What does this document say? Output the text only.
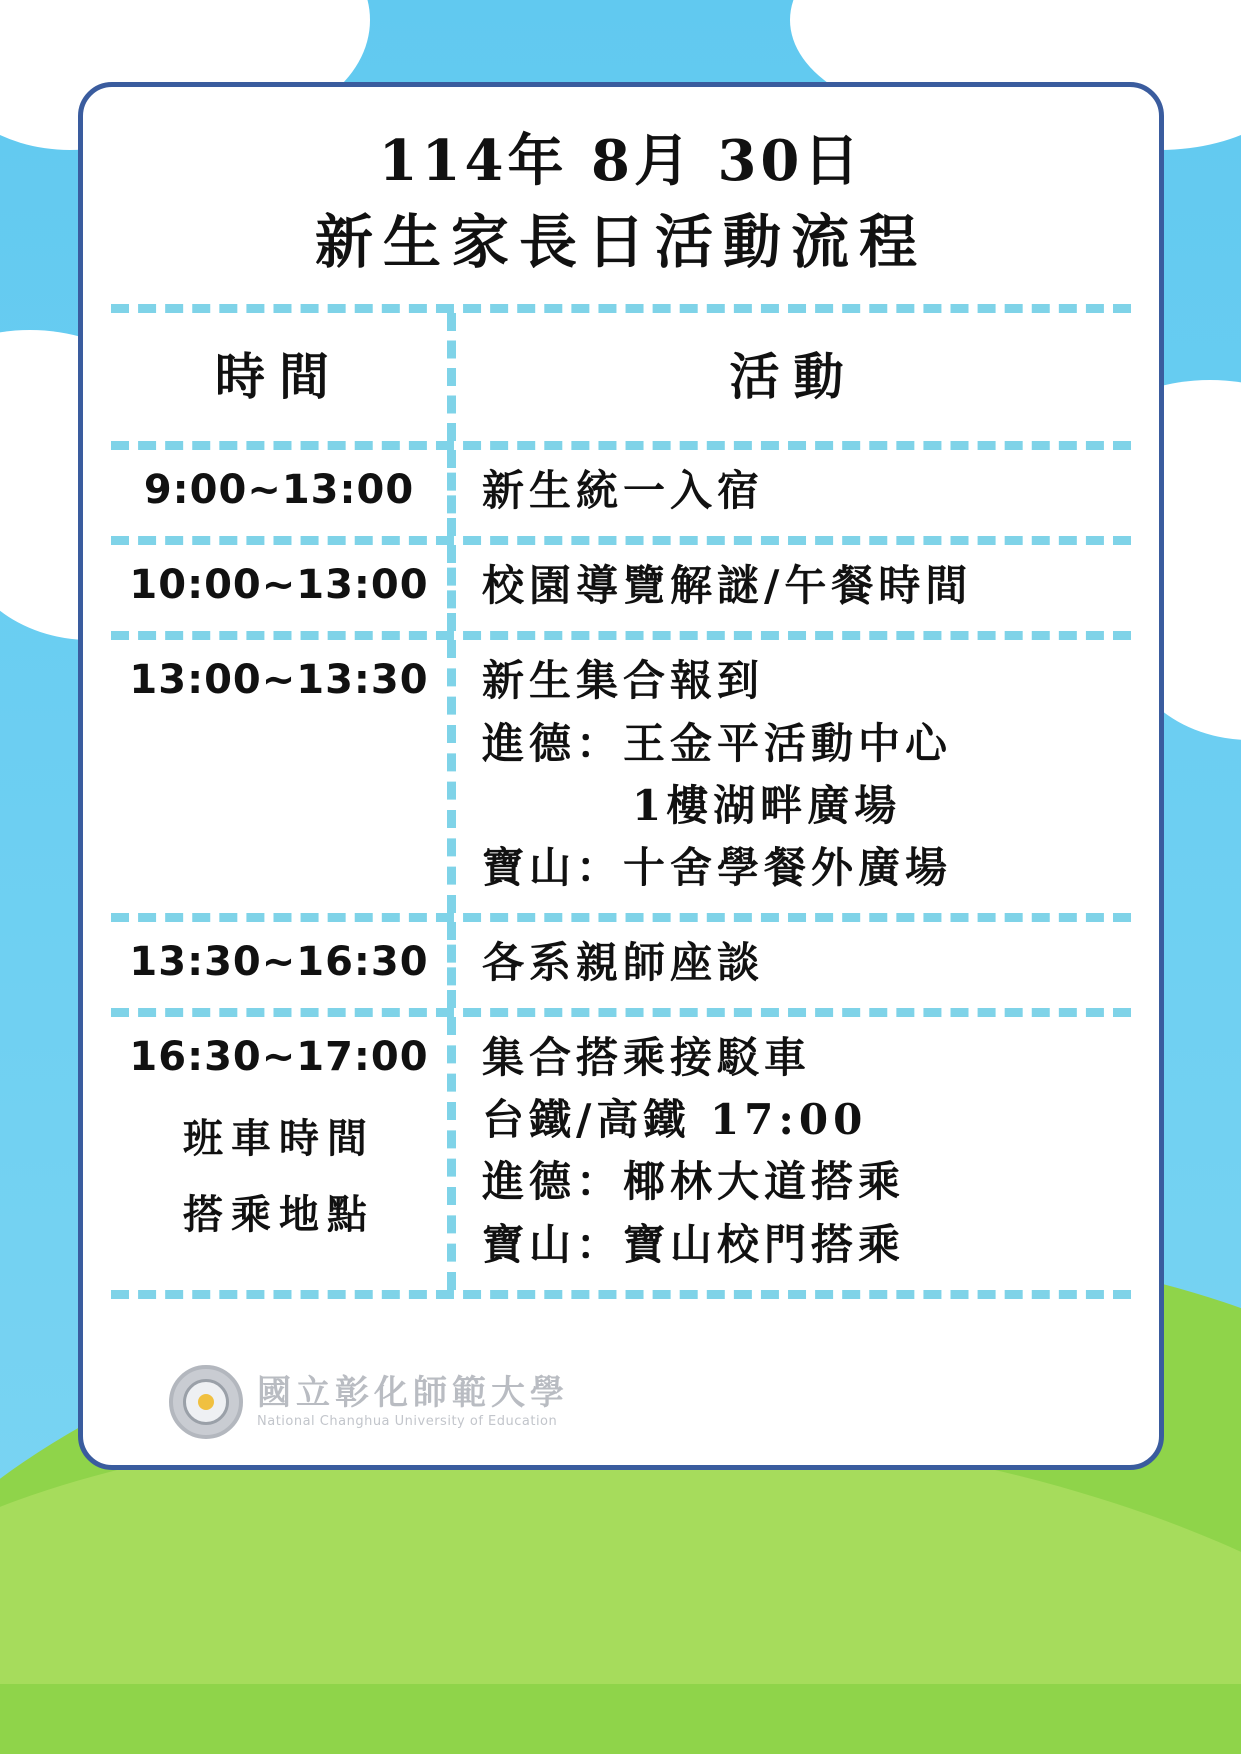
114年 8月 30日
新生家長日活動流程
時間	活動
9:00~13:00 新生統一入宿
10:00~13:00 校園導覽解謎/午餐時間
13:00~13:30 新生集合報到
進德：王金平活動中心
1樓湖畔廣場
寶山：十舍學餐外廣場
13:30~16:30 各系親師座談
16:30~17:00
班車時間
搭乘地點
集合搭乘接駁車
台鐵/高鐵 17:00
進德：椰林大道搭乘
寶山：寶山校門搭乘
國立彰化師範大學
National Changhua University of Education
